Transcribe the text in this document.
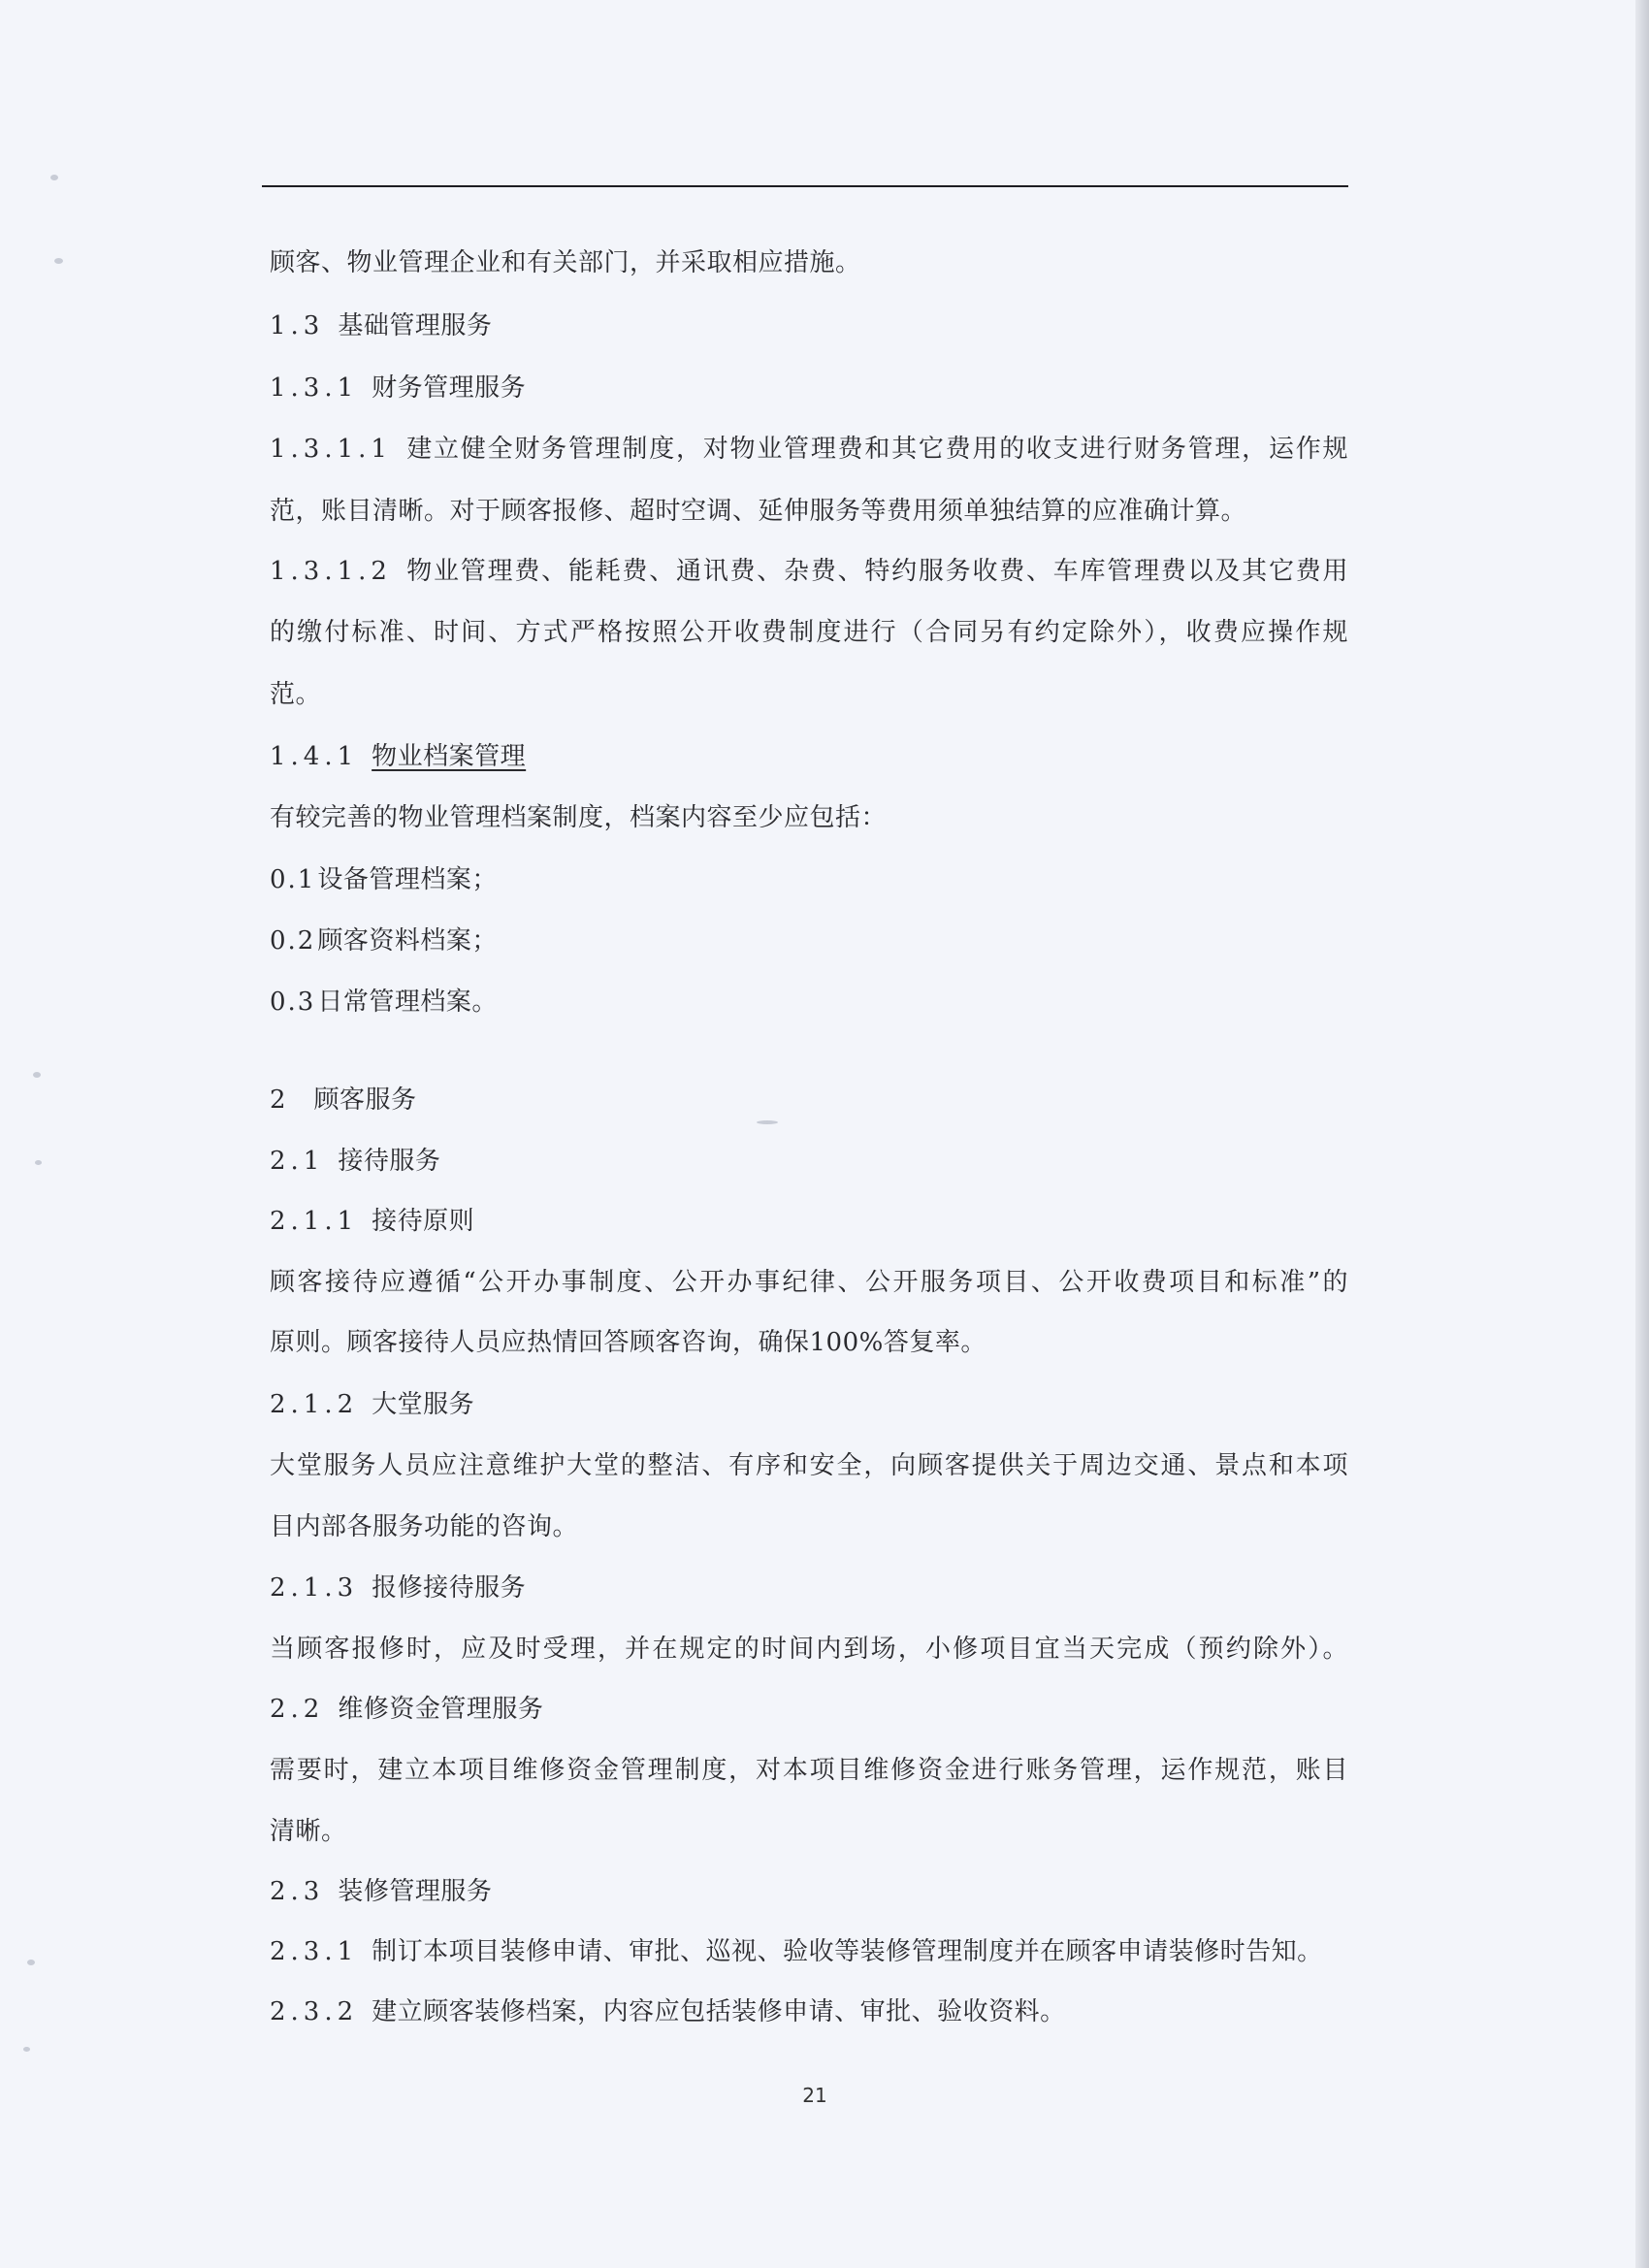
顾客、物业管理企业和有关部门，并采取相应措施。
1.3 基础管理服务
1.3.1 财务管理服务
1.3.1.1 建立健全财务管理制度，对物业管理费和其它费用的收支进行财务管理，运作规
范，账目清晰。对于顾客报修、超时空调、延伸服务等费用须单独结算的应准确计算。
1.3.1.2 物业管理费、能耗费、通讯费、杂费、特约服务收费、车库管理费以及其它费用
的缴付标准、时间、方式严格按照公开收费制度进行（合同另有约定除外），收费应操作规
范。
1.4.1 物业档案管理
有较完善的物业管理档案制度，档案内容至少应包括：
0.1设备管理档案；
0.2顾客资料档案；
0.3日常管理档案。
2 顾客服务
2.1 接待服务
2.1.1 接待原则
顾客接待应遵循“公开办事制度、公开办事纪律、公开服务项目、公开收费项目和标准”的
原则。顾客接待人员应热情回答顾客咨询，确保100%答复率。
2.1.2 大堂服务
大堂服务人员应注意维护大堂的整洁、有序和安全，向顾客提供关于周边交通、景点和本项
目内部各服务功能的咨询。
2.1.3 报修接待服务
当顾客报修时，应及时受理，并在规定的时间内到场，小修项目宜当天完成（预约除外）。
2.2 维修资金管理服务
需要时，建立本项目维修资金管理制度，对本项目维修资金进行账务管理，运作规范，账目
清晰。
2.3 装修管理服务
2.3.1 制订本项目装修申请、审批、巡视、验收等装修管理制度并在顾客申请装修时告知。
2.3.2 建立顾客装修档案，内容应包括装修申请、审批、验收资料。
21
